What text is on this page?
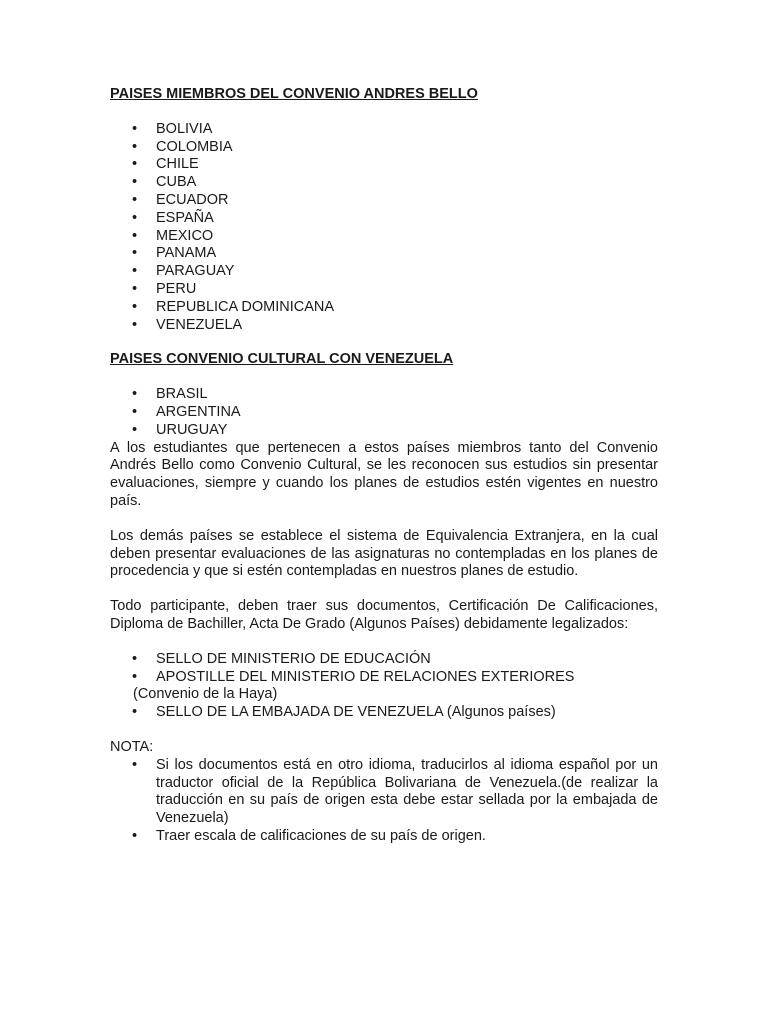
PAISES MIEMBROS DEL CONVENIO ANDRES BELLO
• BOLIVIA
• COLOMBIA
• CHILE
• CUBA
• ECUADOR
• ESPAÑA
• MEXICO
• PANAMA
• PARAGUAY
• PERU
• REPUBLICA DOMINICANA
• VENEZUELA
PAISES CONVENIO CULTURAL CON VENEZUELA
• BRASIL
• ARGENTINA
• URUGUAY

A los estudiantes que pertenecen a estos países miembros tanto del Convenio Andrés Bello como Convenio Cultural, se les reconocen sus estudios sin presentar evaluaciones, siempre y cuando los planes de estudios estén vigentes en nuestro país.

Los demás países se establece el sistema de Equivalencia Extranjera, en la cual deben presentar evaluaciones de las asignaturas no contempladas en los planes de procedencia y que si estén contempladas en nuestros planes de estudio.

Todo participante, deben traer sus documentos, Certificación De Calificaciones, Diploma de Bachiller, Acta De Grado (Algunos Países) debidamente legalizados:

• SELLO DE MINISTERIO DE EDUCACIÓN
• APOSTILLE DEL MINISTERIO DE RELACIONES EXTERIORES
(Convenio de la Haya)
• SELLO DE LA EMBAJADA DE VENEZUELA (Algunos países)
NOTA:
• Si los documentos está en otro idioma, traducirlos al idioma español por un traductor oficial de la República Bolivariana de Venezuela.(de realizar la traducción en su país de origen esta debe estar sellada por la embajada de Venezuela)
• Traer escala de calificaciones de su país de origen.
